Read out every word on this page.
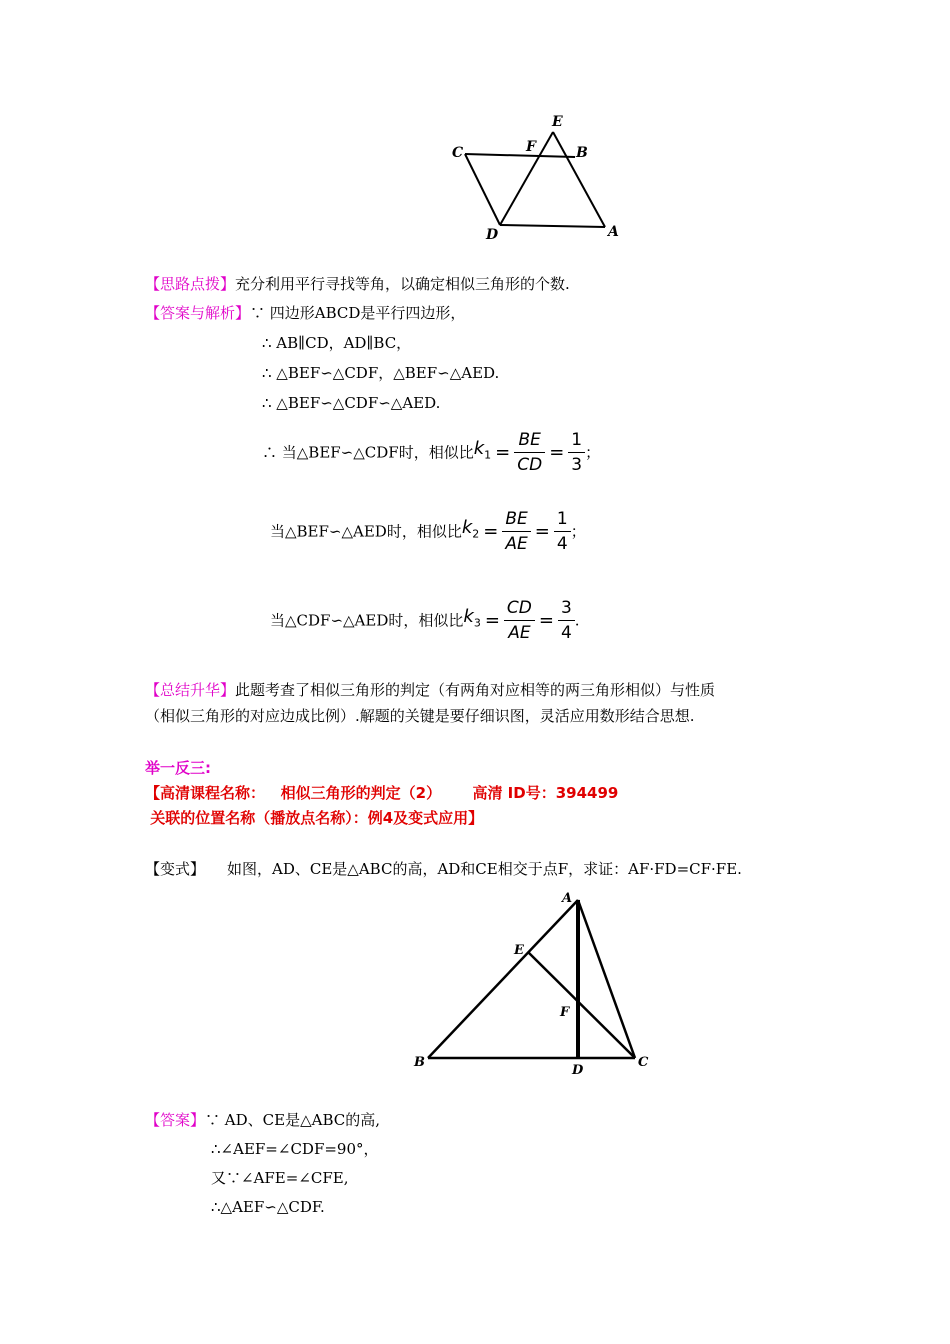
C	F
E
B
D	A
【思路点拨】充分利用平行寻找等角，以确定相似三角形的个数.
【答案与解析】∵ 四边形ABCD是平行四边形，
∴ AB∥CD，AD∥BC，
∴ △BEF∽△CDF，△BEF∽△AED.
∴ △BEF∽△CDF∽△AED.
∴ 当△BEF∽△CDF时，相似比$k_1 = \frac{BE}{CD} = \frac{1}{3}$ ；
当△BEF∽△AED时，相似比$k_2 = \frac{BE}{AE} = \frac{1}{4}$ ；
当△CDF∽△AED时，相似比$k_3 = \frac{CD}{AE} = \frac{3}{4}$ .
【总结升华】此题考查了相似三角形的判定（有两角对应相等的两三角形相似）与性质
（相似三角形的对应边成比例）.解题的关键是要仔细识图，灵活应用数形结合思想.
举一反三:
【高清课程名称：   相似三角形的判定（2）      高清 ID号：394499
关联的位置名称（播放点名称）：例4及变式应用】
【变式】 如图，AD、CE是△ABC的高，AD和CE相交于点F，求证：AF·FD=CF·FE.
A
E
F
B
D
C
【答案】∵ AD、CE是△ABC的高,
∴∠AEF=∠CDF=90°，
又∵∠AFE=∠CFE,
∴△AEF∽△CDF.
